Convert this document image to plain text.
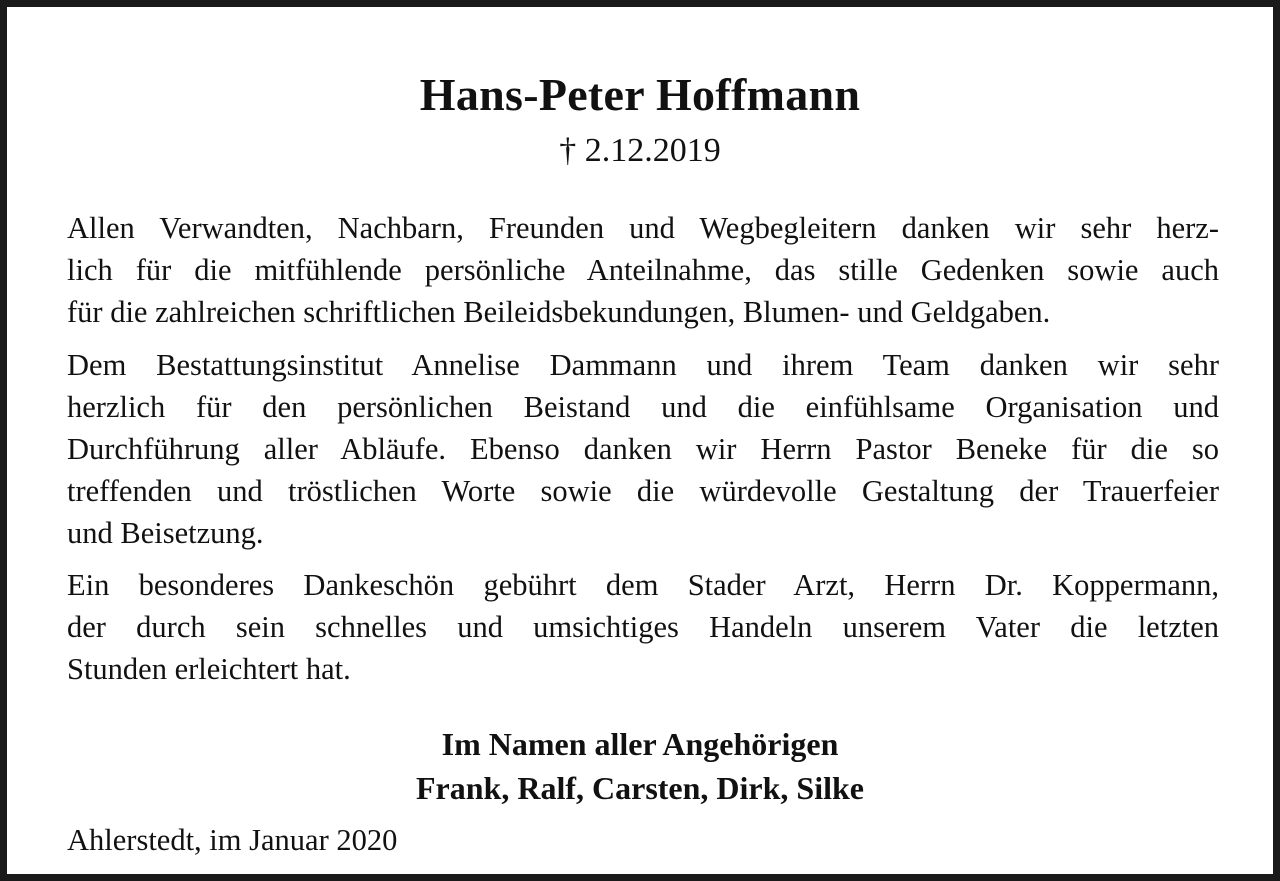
Hans-Peter Hoffmann
† 2.12.2019
Allen Verwandten, Nachbarn, Freunden und Wegbegleitern danken wir sehr herz-
lich für die mitfühlende persönliche Anteilnahme, das stille Gedenken sowie auch
für die zahlreichen schriftlichen Beileidsbekundungen, Blumen- und Geldgaben.
Dem Bestattungsinstitut Annelise Dammann und ihrem Team danken wir sehr
herzlich für den persönlichen Beistand und die einfühlsame Organisation und
Durchführung aller Abläufe. Ebenso danken wir Herrn Pastor Beneke für die so
treffenden und tröstlichen Worte sowie die würdevolle Gestaltung der Trauerfeier
und Beisetzung.
Ein besonderes Dankeschön gebührt dem Stader Arzt, Herrn Dr. Koppermann,
der durch sein schnelles und umsichtiges Handeln unserem Vater die letzten
Stunden erleichtert hat.
Im Namen aller Angehörigen
Frank, Ralf, Carsten, Dirk, Silke
Ahlerstedt, im Januar 2020
